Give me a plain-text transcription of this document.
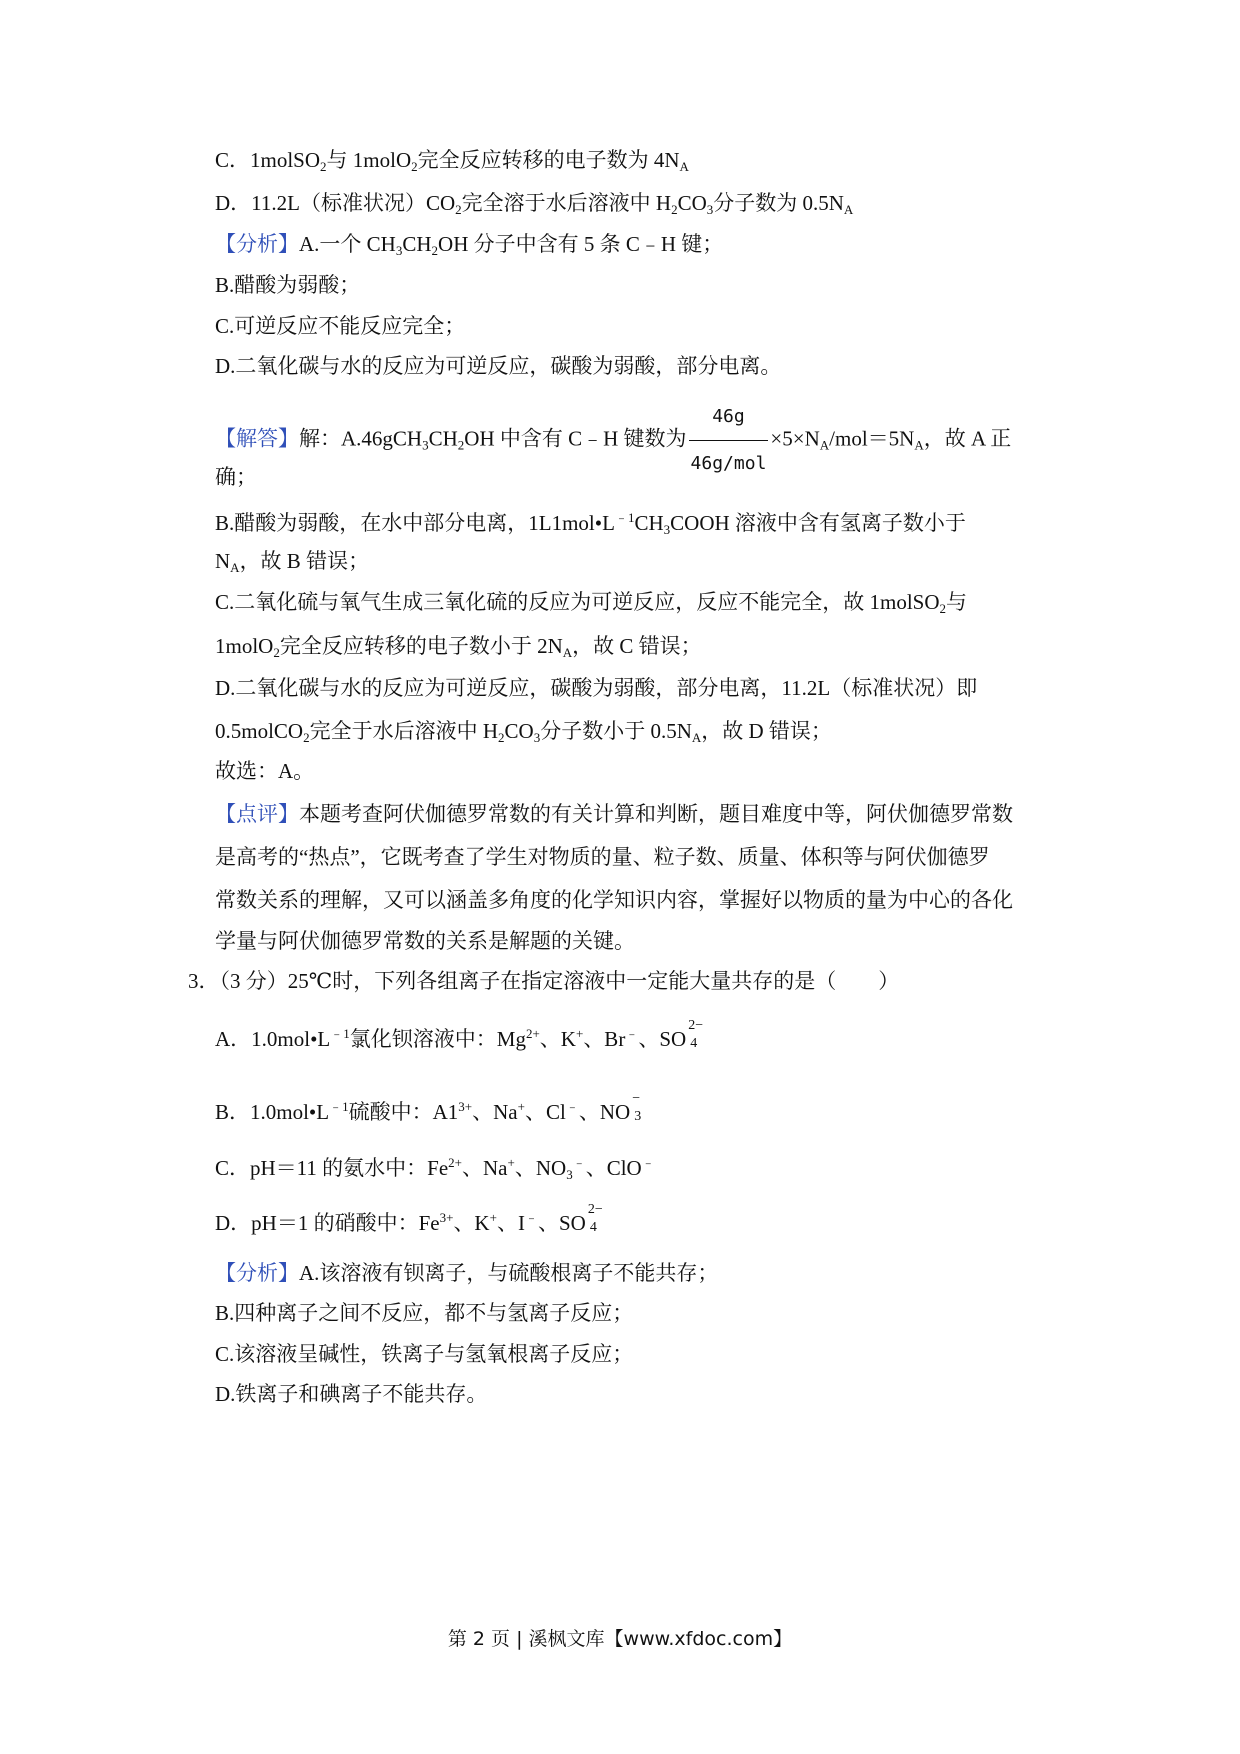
C．1molSO$_2$与 1molO$_2$完全反应转移的电子数为 $4N_A$
D．11.2L（标准状况）$CO_2$完全溶于水后溶液中 $H_2CO_3$分子数为 $0.5N_A$
【分析】A.一个 $CH_3CH_2OH$ 分子中含有 5 条 C﹣H 键；
B.醋酸为弱酸；
C.可逆反应不能反应完全；
D.二氧化碳与水的反应为可逆反应，碳酸为弱酸，部分电离。
【解答】解：$A.46gCH_3CH_2OH$ 中含有 C﹣H 键数为 $\frac{46g}{\text{46g/mol}} \times 5\times N_A/mol=5N_A$，故 A 正
确；
B.醋酸为弱酸，在水中部分电离，$1L1mol•L^{﹣1}CH_3COOH$ 溶液中含有氢离子数小于
$N_A$，故 B 错误；
C.二氧化硫与氧气生成三氧化硫的反应为可逆反应，反应不能完全，故 1molSO$_2$与
1molO$_2$完全反应转移的电子数小于 $2N_A$，故 C 错误；
D.二氧化碳与水的反应为可逆反应，碳酸为弱酸，部分电离，11.2L（标准状况）即
0.5molCO$_2$完全于水后溶液中 $H_2CO_3$分子数小于 $0.5N_A$，故 D 错误；
故选：A。
【点评】本题考查阿伏伽德罗常数的有关计算和判断，题目难度中等，阿伏伽德罗常数
是高考的“热点”，它既考查了学生对物质的量、粒子数、质量、体积等与阿伏伽德罗
常数关系的理解，又可以涵盖多角度的化学知识内容，掌握好以物质的量为中心的各化
学量与阿伏伽德罗常数的关系是解题的关键。
3．（3 分）25℃时，下列各组离子在指定溶液中一定能大量共存的是（　　）
A．$1.0mol•L^{﹣1}$氯化钡溶液中：$Mg^{2+}$、K+、Br﹣、SO
2−
4
B．$1.0mol•L^{﹣1}$硫酸中：$A1^{3+}$、Na+、Cl﹣、NO
−
3
C．pH＝11 的氨水中：$Fe^{2+}$、Na+、$NO_3^﹣$、ClO﹣
D．pH＝1 的硝酸中：$Fe^{3+}$、K+、I﹣、SO
2−
4
【分析】A.该溶液有钡离子，与硫酸根离子不能共存；
B.四种离子之间不反应，都不与氢离子反应；
C.该溶液呈碱性，铁离子与氢氧根离子反应；
D.铁离子和碘离子不能共存。
第 2 页 | 溪枫文库【www.xfdoc.com】
